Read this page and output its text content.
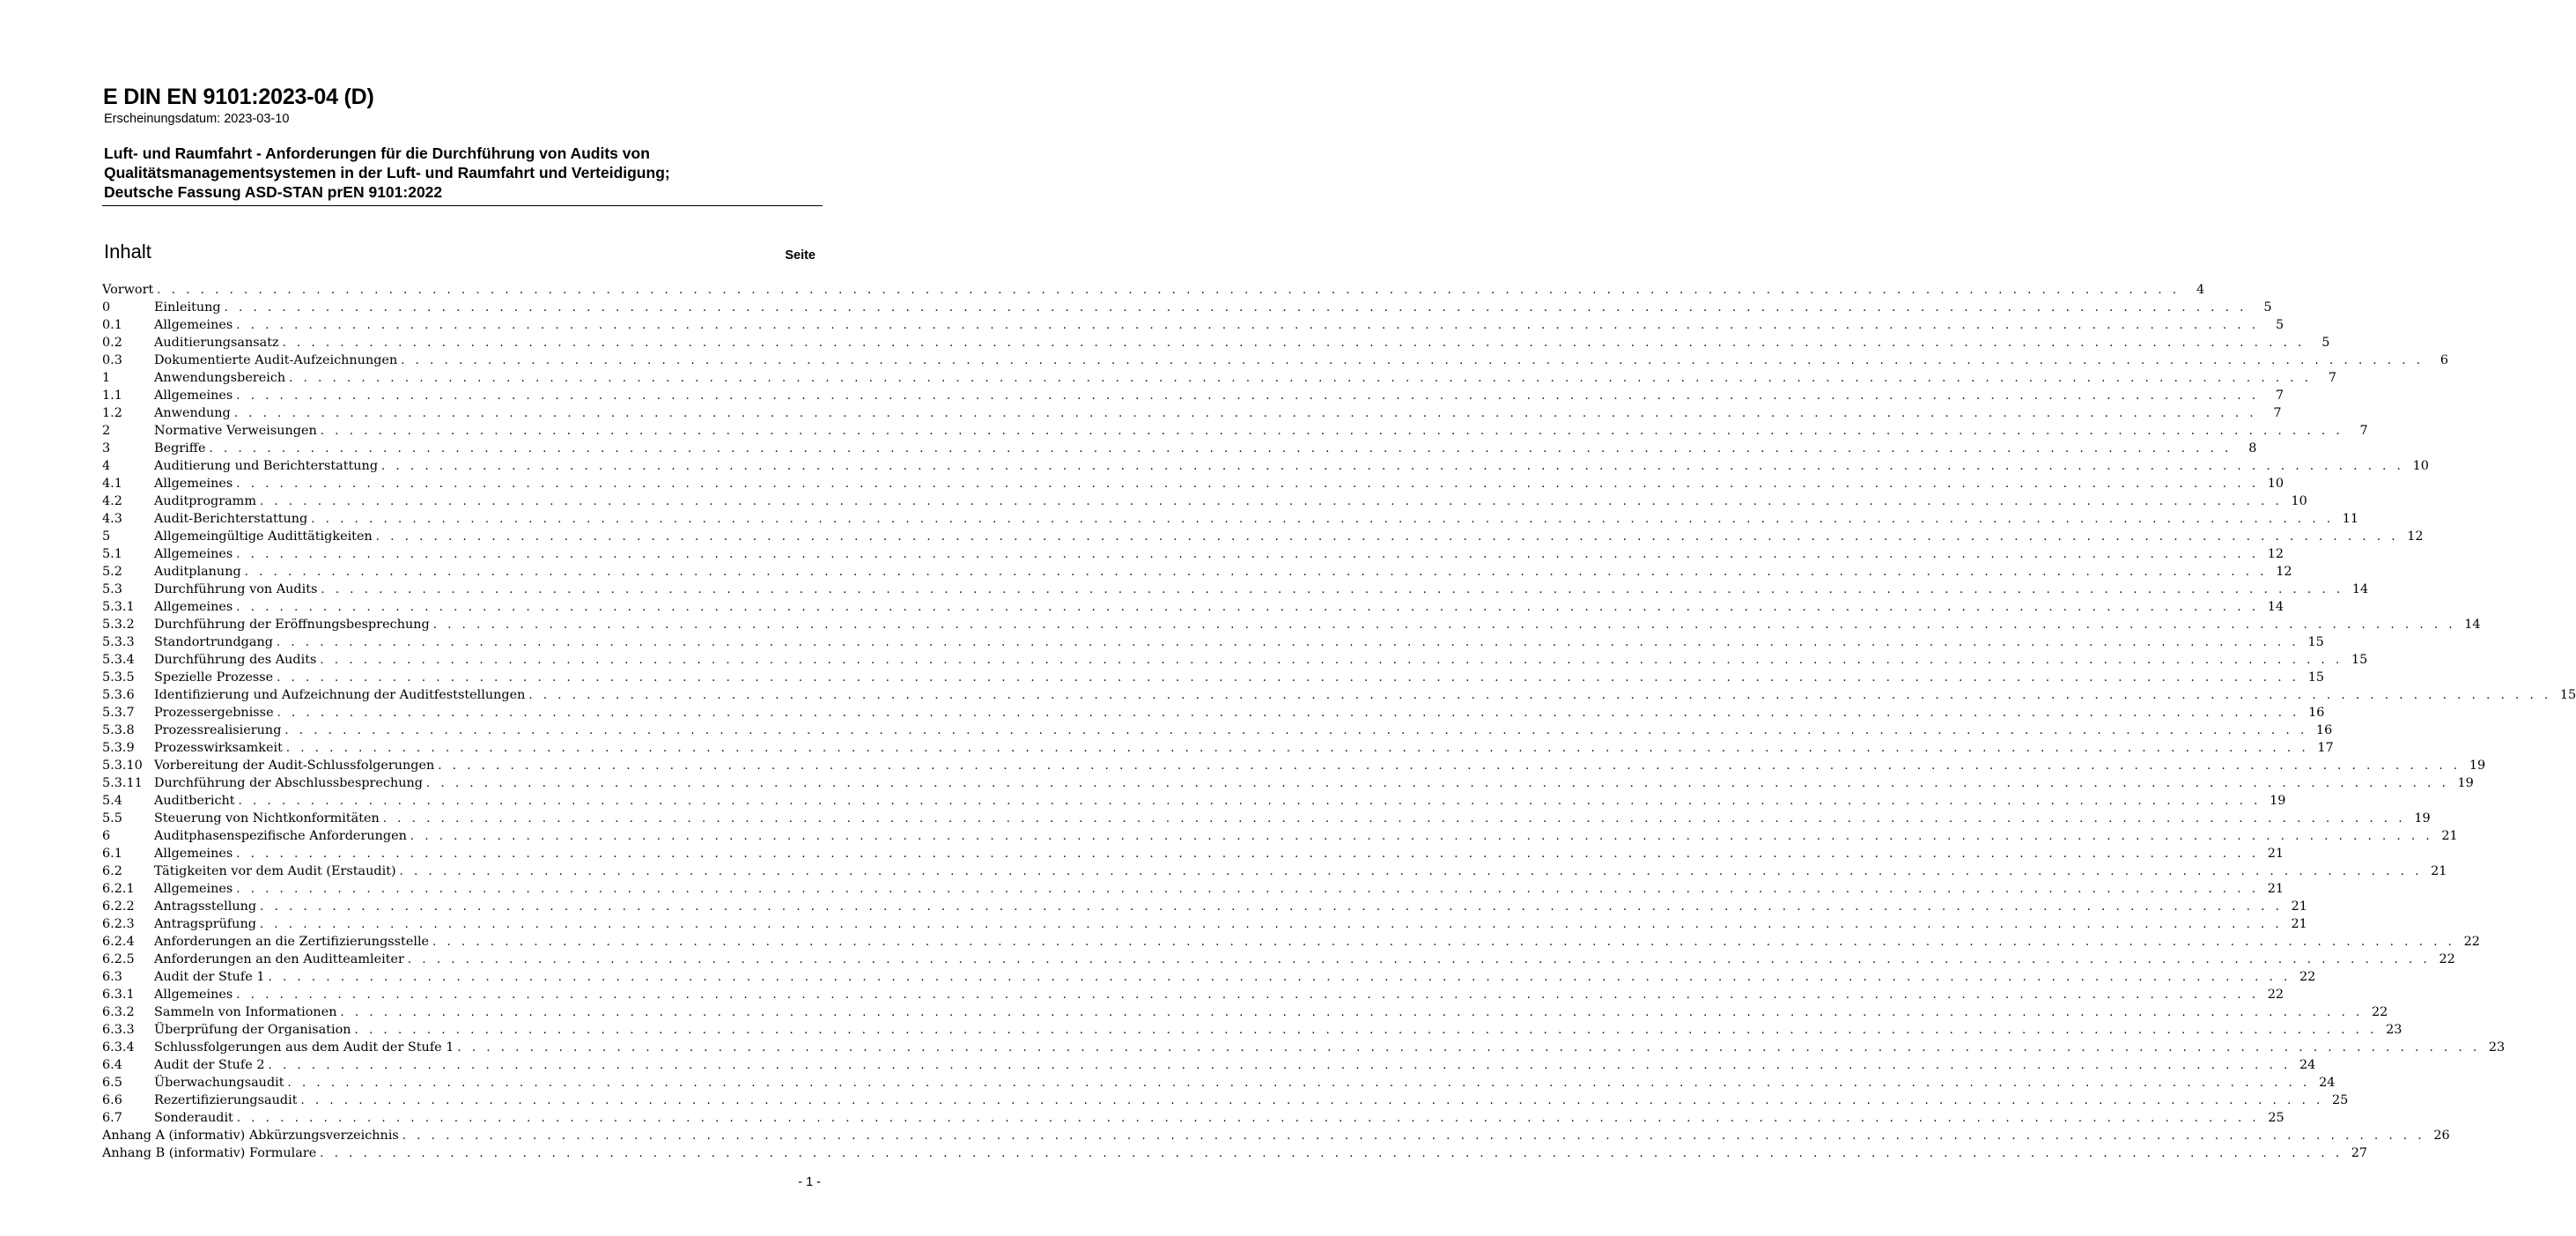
E DIN EN 9101:2023-04 (D)
Erscheinungsdatum: 2023-03-10
Luft- und Raumfahrt - Anforderungen für die Durchführung von Audits von
Qualitätsmanagementsystemen in der Luft- und Raumfahrt und Verteidigung;
Deutsche Fassung ASD-STAN prEN 9101:2022
Inhalt	Seite
Vorwort . . . . . . . . . . . . . . . . . . . . . . . . . . . . . . . . . . . . . . . . . . . . . . . . . . . . . . . . . . . . . . . . . . . . . . . . . . . . . . . . . . . . . . . . . . . . . . . . . . . . . . . . . . . . . . . . . . . . . . . . . . . . . . . . . . . . . . . . . . . .	4
0	Einleitung . . . . . . . . . . . . . . . . . . . . . . . . . . . . . . . . . . . . . . . . . . . . . . . . . . . . . . . . . . . . . . . . . . . . . . . . . . . . . . . . . . . . . . . . . . . . . . . . . . . . . . . . . . . . . . . . . . . . . . . . . . . . . . . . . . . . . . . . . . . .	5
0.1	Allgemeines . . . . . . . . . . . . . . . . . . . . . . . . . . . . . . . . . . . . . . . . . . . . . . . . . . . . . . . . . . . . . . . . . . . . . . . . . . . . . . . . . . . . . . . . . . . . . . . . . . . . . . . . . . . . . . . . . . . . . . . . . . . . . . . . . . . . . . . . . . . .	5
0.2	Auditierungsansatz . . . . . . . . . . . . . . . . . . . . . . . . . . . . . . . . . . . . . . . . . . . . . . . . . . . . . . . . . . . . . . . . . . . . . . . . . . . . . . . . . . . . . . . . . . . . . . . . . . . . . . . . . . . . . . . . . . . . . . . . . . . . . . . . . . . . . . . . . . . .	5
0.3	Dokumentierte Audit-Aufzeichnungen . . . . . . . . . . . . . . . . . . . . . . . . . . . . . . . . . . . . . . . . . . . . . . . . . . . . . . . . . . . . . . . . . . . . . . . . . . . . . . . . . . . . . . . . . . . . . . . . . . . . . . . . . . . . . . . . . . . . . . . . . . . . . . . . . . . . . . . . . . . .	6
1	Anwendungsbereich . . . . . . . . . . . . . . . . . . . . . . . . . . . . . . . . . . . . . . . . . . . . . . . . . . . . . . . . . . . . . . . . . . . . . . . . . . . . . . . . . . . . . . . . . . . . . . . . . . . . . . . . . . . . . . . . . . . . . . . . . . . . . . . . . . . . . . . . . . . .	7
1.1	Allgemeines . . . . . . . . . . . . . . . . . . . . . . . . . . . . . . . . . . . . . . . . . . . . . . . . . . . . . . . . . . . . . . . . . . . . . . . . . . . . . . . . . . . . . . . . . . . . . . . . . . . . . . . . . . . . . . . . . . . . . . . . . . . . . . . . . . . . . . . . . . . .	7
1.2	Anwendung . . . . . . . . . . . . . . . . . . . . . . . . . . . . . . . . . . . . . . . . . . . . . . . . . . . . . . . . . . . . . . . . . . . . . . . . . . . . . . . . . . . . . . . . . . . . . . . . . . . . . . . . . . . . . . . . . . . . . . . . . . . . . . . . . . . . . . . . . . . .	7
2	Normative Verweisungen . . . . . . . . . . . . . . . . . . . . . . . . . . . . . . . . . . . . . . . . . . . . . . . . . . . . . . . . . . . . . . . . . . . . . . . . . . . . . . . . . . . . . . . . . . . . . . . . . . . . . . . . . . . . . . . . . . . . . . . . . . . . . . . . . . . . . . . . . . . .	7
3	Begriffe . . . . . . . . . . . . . . . . . . . . . . . . . . . . . . . . . . . . . . . . . . . . . . . . . . . . . . . . . . . . . . . . . . . . . . . . . . . . . . . . . . . . . . . . . . . . . . . . . . . . . . . . . . . . . . . . . . . . . . . . . . . . . . . . . . . . . . . . . . . .	8
4	Auditierung und Berichterstattung . . . . . . . . . . . . . . . . . . . . . . . . . . . . . . . . . . . . . . . . . . . . . . . . . . . . . . . . . . . . . . . . . . . . . . . . . . . . . . . . . . . . . . . . . . . . . . . . . . . . . . . . . . . . . . . . . . . . . . . . . . . . . . . . . . . . . . . . . . . . 10
4.1	Allgemeines . . . . . . . . . . . . . . . . . . . . . . . . . . . . . . . . . . . . . . . . . . . . . . . . . . . . . . . . . . . . . . . . . . . . . . . . . . . . . . . . . . . . . . . . . . . . . . . . . . . . . . . . . . . . . . . . . . . . . . . . . . . . . . . . . . . . . . . . . . . . 10
4.2	Auditprogramm . . . . . . . . . . . . . . . . . . . . . . . . . . . . . . . . . . . . . . . . . . . . . . . . . . . . . . . . . . . . . . . . . . . . . . . . . . . . . . . . . . . . . . . . . . . . . . . . . . . . . . . . . . . . . . . . . . . . . . . . . . . . . . . . . . . . . . . . . . . . 10
4.3	Audit-Berichterstattung . . . . . . . . . . . . . . . . . . . . . . . . . . . . . . . . . . . . . . . . . . . . . . . . . . . . . . . . . . . . . . . . . . . . . . . . . . . . . . . . . . . . . . . . . . . . . . . . . . . . . . . . . . . . . . . . . . . . . . . . . . . . . . . . . . . . . . . . . . . . 11
5	Allgemeingültige Audittätigkeiten . . . . . . . . . . . . . . . . . . . . . . . . . . . . . . . . . . . . . . . . . . . . . . . . . . . . . . . . . . . . . . . . . . . . . . . . . . . . . . . . . . . . . . . . . . . . . . . . . . . . . . . . . . . . . . . . . . . . . . . . . . . . . . . . . . . . . . . . . . . . 12
5.1	Allgemeines . . . . . . . . . . . . . . . . . . . . . . . . . . . . . . . . . . . . . . . . . . . . . . . . . . . . . . . . . . . . . . . . . . . . . . . . . . . . . . . . . . . . . . . . . . . . . . . . . . . . . . . . . . . . . . . . . . . . . . . . . . . . . . . . . . . . . . . . . . . . 12
5.2	Auditplanung . . . . . . . . . . . . . . . . . . . . . . . . . . . . . . . . . . . . . . . . . . . . . . . . . . . . . . . . . . . . . . . . . . . . . . . . . . . . . . . . . . . . . . . . . . . . . . . . . . . . . . . . . . . . . . . . . . . . . . . . . . . . . . . . . . . . . . . . . . . . 12
5.3	Durchführung von Audits . . . . . . . . . . . . . . . . . . . . . . . . . . . . . . . . . . . . . . . . . . . . . . . . . . . . . . . . . . . . . . . . . . . . . . . . . . . . . . . . . . . . . . . . . . . . . . . . . . . . . . . . . . . . . . . . . . . . . . . . . . . . . . . . . . . . . . . . . . . . 14
5.3.1	Allgemeines . . . . . . . . . . . . . . . . . . . . . . . . . . . . . . . . . . . . . . . . . . . . . . . . . . . . . . . . . . . . . . . . . . . . . . . . . . . . . . . . . . . . . . . . . . . . . . . . . . . . . . . . . . . . . . . . . . . . . . . . . . . . . . . . . . . . . . . . . . . . 14
5.3.2	Durchführung der Eröffnungsbesprechung . . . . . . . . . . . . . . . . . . . . . . . . . . . . . . . . . . . . . . . . . . . . . . . . . . . . . . . . . . . . . . . . . . . . . . . . . . . . . . . . . . . . . . . . . . . . . . . . . . . . . . . . . . . . . . . . . . . . . . . . . . . . . . . . . . . . . . . . . . . . 14
5.3.3	Standortrundgang . . . . . . . . . . . . . . . . . . . . . . . . . . . . . . . . . . . . . . . . . . . . . . . . . . . . . . . . . . . . . . . . . . . . . . . . . . . . . . . . . . . . . . . . . . . . . . . . . . . . . . . . . . . . . . . . . . . . . . . . . . . . . . . . . . . . . . . . . . . . 15
5.3.4	Durchführung des Audits . . . . . . . . . . . . . . . . . . . . . . . . . . . . . . . . . . . . . . . . . . . . . . . . . . . . . . . . . . . . . . . . . . . . . . . . . . . . . . . . . . . . . . . . . . . . . . . . . . . . . . . . . . . . . . . . . . . . . . . . . . . . . . . . . . . . . . . . . . . . 15
5.3.5	Spezielle Prozesse . . . . . . . . . . . . . . . . . . . . . . . . . . . . . . . . . . . . . . . . . . . . . . . . . . . . . . . . . . . . . . . . . . . . . . . . . . . . . . . . . . . . . . . . . . . . . . . . . . . . . . . . . . . . . . . . . . . . . . . . . . . . . . . . . . . . . . . . . . . . 15
5.3.6	Identifizierung und Aufzeichnung der Auditfeststellungen . . . . . . . . . . . . . . . . . . . . . . . . . . . . . . . . . . . . . . . . . . . . . . . . . . . . . . . . . . . . . . . . . . . . . . . . . . . . . . . . . . . . . . . . . . . . . . . . . . . . . . . . . . . . . . . . . . . . . . . . . . . . . . . . . . . . . . . . . . . . 15
5.3.7	Prozessergebnisse . . . . . . . . . . . . . . . . . . . . . . . . . . . . . . . . . . . . . . . . . . . . . . . . . . . . . . . . . . . . . . . . . . . . . . . . . . . . . . . . . . . . . . . . . . . . . . . . . . . . . . . . . . . . . . . . . . . . . . . . . . . . . . . . . . . . . . . . . . . . 16
5.3.8	Prozessrealisierung . . . . . . . . . . . . . . . . . . . . . . . . . . . . . . . . . . . . . . . . . . . . . . . . . . . . . . . . . . . . . . . . . . . . . . . . . . . . . . . . . . . . . . . . . . . . . . . . . . . . . . . . . . . . . . . . . . . . . . . . . . . . . . . . . . . . . . . . . . . . 16
5.3.9	Prozesswirksamkeit . . . . . . . . . . . . . . . . . . . . . . . . . . . . . . . . . . . . . . . . . . . . . . . . . . . . . . . . . . . . . . . . . . . . . . . . . . . . . . . . . . . . . . . . . . . . . . . . . . . . . . . . . . . . . . . . . . . . . . . . . . . . . . . . . . . . . . . . . . . . 17
5.3.10 Vorbereitung der Audit-Schlussfolgerungen . . . . . . . . . . . . . . . . . . . . . . . . . . . . . . . . . . . . . . . . . . . . . . . . . . . . . . . . . . . . . . . . . . . . . . . . . . . . . . . . . . . . . . . . . . . . . . . . . . . . . . . . . . . . . . . . . . . . . . . . . . . . . . . . . . . . . . . . . . . . 19
5.3.11 Durchführung der Abschlussbesprechung . . . . . . . . . . . . . . . . . . . . . . . . . . . . . . . . . . . . . . . . . . . . . . . . . . . . . . . . . . . . . . . . . . . . . . . . . . . . . . . . . . . . . . . . . . . . . . . . . . . . . . . . . . . . . . . . . . . . . . . . . . . . . . . . . . . . . . . . . . . . 19
5.4	Auditbericht . . . . . . . . . . . . . . . . . . . . . . . . . . . . . . . . . . . . . . . . . . . . . . . . . . . . . . . . . . . . . . . . . . . . . . . . . . . . . . . . . . . . . . . . . . . . . . . . . . . . . . . . . . . . . . . . . . . . . . . . . . . . . . . . . . . . . . . . . . . . 19
5.5	Steuerung von Nichtkonformitäten . . . . . . . . . . . . . . . . . . . . . . . . . . . . . . . . . . . . . . . . . . . . . . . . . . . . . . . . . . . . . . . . . . . . . . . . . . . . . . . . . . . . . . . . . . . . . . . . . . . . . . . . . . . . . . . . . . . . . . . . . . . . . . . . . . . . . . . . . . . . 19
6	Auditphasenspezifische Anforderungen . . . . . . . . . . . . . . . . . . . . . . . . . . . . . . . . . . . . . . . . . . . . . . . . . . . . . . . . . . . . . . . . . . . . . . . . . . . . . . . . . . . . . . . . . . . . . . . . . . . . . . . . . . . . . . . . . . . . . . . . . . . . . . . . . . . . . . . . . . . . 21
6.1	Allgemeines . . . . . . . . . . . . . . . . . . . . . . . . . . . . . . . . . . . . . . . . . . . . . . . . . . . . . . . . . . . . . . . . . . . . . . . . . . . . . . . . . . . . . . . . . . . . . . . . . . . . . . . . . . . . . . . . . . . . . . . . . . . . . . . . . . . . . . . . . . . . 21
6.2	Tätigkeiten vor dem Audit (Erstaudit) . . . . . . . . . . . . . . . . . . . . . . . . . . . . . . . . . . . . . . . . . . . . . . . . . . . . . . . . . . . . . . . . . . . . . . . . . . . . . . . . . . . . . . . . . . . . . . . . . . . . . . . . . . . . . . . . . . . . . . . . . . . . . . . . . . . . . . . . . . . . 21
6.2.1	Allgemeines . . . . . . . . . . . . . . . . . . . . . . . . . . . . . . . . . . . . . . . . . . . . . . . . . . . . . . . . . . . . . . . . . . . . . . . . . . . . . . . . . . . . . . . . . . . . . . . . . . . . . . . . . . . . . . . . . . . . . . . . . . . . . . . . . . . . . . . . . . . . 21
6.2.2	Antragsstellung . . . . . . . . . . . . . . . . . . . . . . . . . . . . . . . . . . . . . . . . . . . . . . . . . . . . . . . . . . . . . . . . . . . . . . . . . . . . . . . . . . . . . . . . . . . . . . . . . . . . . . . . . . . . . . . . . . . . . . . . . . . . . . . . . . . . . . . . . . . . 21
6.2.3	Antragsprüfung . . . . . . . . . . . . . . . . . . . . . . . . . . . . . . . . . . . . . . . . . . . . . . . . . . . . . . . . . . . . . . . . . . . . . . . . . . . . . . . . . . . . . . . . . . . . . . . . . . . . . . . . . . . . . . . . . . . . . . . . . . . . . . . . . . . . . . . . . . . . 21
6.2.4	Anforderungen an die Zertifizierungsstelle . . . . . . . . . . . . . . . . . . . . . . . . . . . . . . . . . . . . . . . . . . . . . . . . . . . . . . . . . . . . . . . . . . . . . . . . . . . . . . . . . . . . . . . . . . . . . . . . . . . . . . . . . . . . . . . . . . . . . . . . . . . . . . . . . . . . . . . . . . . . 22
6.2.5	Anforderungen an den Auditteamleiter . . . . . . . . . . . . . . . . . . . . . . . . . . . . . . . . . . . . . . . . . . . . . . . . . . . . . . . . . . . . . . . . . . . . . . . . . . . . . . . . . . . . . . . . . . . . . . . . . . . . . . . . . . . . . . . . . . . . . . . . . . . . . . . . . . . . . . . . . . . . 22
6.3	Audit der Stufe 1 . . . . . . . . . . . . . . . . . . . . . . . . . . . . . . . . . . . . . . . . . . . . . . . . . . . . . . . . . . . . . . . . . . . . . . . . . . . . . . . . . . . . . . . . . . . . . . . . . . . . . . . . . . . . . . . . . . . . . . . . . . . . . . . . . . . . . . . . . . . . 22
6.3.1	Allgemeines . . . . . . . . . . . . . . . . . . . . . . . . . . . . . . . . . . . . . . . . . . . . . . . . . . . . . . . . . . . . . . . . . . . . . . . . . . . . . . . . . . . . . . . . . . . . . . . . . . . . . . . . . . . . . . . . . . . . . . . . . . . . . . . . . . . . . . . . . . . . 22
6.3.2	Sammeln von Informationen . . . . . . . . . . . . . . . . . . . . . . . . . . . . . . . . . . . . . . . . . . . . . . . . . . . . . . . . . . . . . . . . . . . . . . . . . . . . . . . . . . . . . . . . . . . . . . . . . . . . . . . . . . . . . . . . . . . . . . . . . . . . . . . . . . . . . . . . . . . . 22
6.3.3	Überprüfung der Organisation . . . . . . . . . . . . . . . . . . . . . . . . . . . . . . . . . . . . . . . . . . . . . . . . . . . . . . . . . . . . . . . . . . . . . . . . . . . . . . . . . . . . . . . . . . . . . . . . . . . . . . . . . . . . . . . . . . . . . . . . . . . . . . . . . . . . . . . . . . . . 23
6.3.4	Schlussfolgerungen aus dem Audit der Stufe 1 . . . . . . . . . . . . . . . . . . . . . . . . . . . . . . . . . . . . . . . . . . . . . . . . . . . . . . . . . . . . . . . . . . . . . . . . . . . . . . . . . . . . . . . . . . . . . . . . . . . . . . . . . . . . . . . . . . . . . . . . . . . . . . . . . . . . . . . . . . . . 23
6.4	Audit der Stufe 2 . . . . . . . . . . . . . . . . . . . . . . . . . . . . . . . . . . . . . . . . . . . . . . . . . . . . . . . . . . . . . . . . . . . . . . . . . . . . . . . . . . . . . . . . . . . . . . . . . . . . . . . . . . . . . . . . . . . . . . . . . . . . . . . . . . . . . . . . . . . . 24
6.5	Überwachungsaudit . . . . . . . . . . . . . . . . . . . . . . . . . . . . . . . . . . . . . . . . . . . . . . . . . . . . . . . . . . . . . . . . . . . . . . . . . . . . . . . . . . . . . . . . . . . . . . . . . . . . . . . . . . . . . . . . . . . . . . . . . . . . . . . . . . . . . . . . . . . . 24
6.6	Rezertifizierungsaudit . . . . . . . . . . . . . . . . . . . . . . . . . . . . . . . . . . . . . . . . . . . . . . . . . . . . . . . . . . . . . . . . . . . . . . . . . . . . . . . . . . . . . . . . . . . . . . . . . . . . . . . . . . . . . . . . . . . . . . . . . . . . . . . . . . . . . . . . . . . . 25
6.7	Sonderaudit . . . . . . . . . . . . . . . . . . . . . . . . . . . . . . . . . . . . . . . . . . . . . . . . . . . . . . . . . . . . . . . . . . . . . . . . . . . . . . . . . . . . . . . . . . . . . . . . . . . . . . . . . . . . . . . . . . . . . . . . . . . . . . . . . . . . . . . . . . . . 25
Anhang A (informativ) Abkürzungsverzeichnis . . . . . . . . . . . . . . . . . . . . . . . . . . . . . . . . . . . . . . . . . . . . . . . . . . . . . . . . . . . . . . . . . . . . . . . . . . . . . . . . . . . . . . . . . . . . . . . . . . . . . . . . . . . . . . . . . . . . . . . . . . . . . . . . . . . . . . . . . . . . 26
Anhang B (informativ) Formulare . . . . . . . . . . . . . . . . . . . . . . . . . . . . . . . . . . . . . . . . . . . . . . . . . . . . . . . . . . . . . . . . . . . . . . . . . . . . . . . . . . . . . . . . . . . . . . . . . . . . . . . . . . . . . . . . . . . . . . . . . . . . . . . . . . . . . . . . . . . . 27
- 1 -
